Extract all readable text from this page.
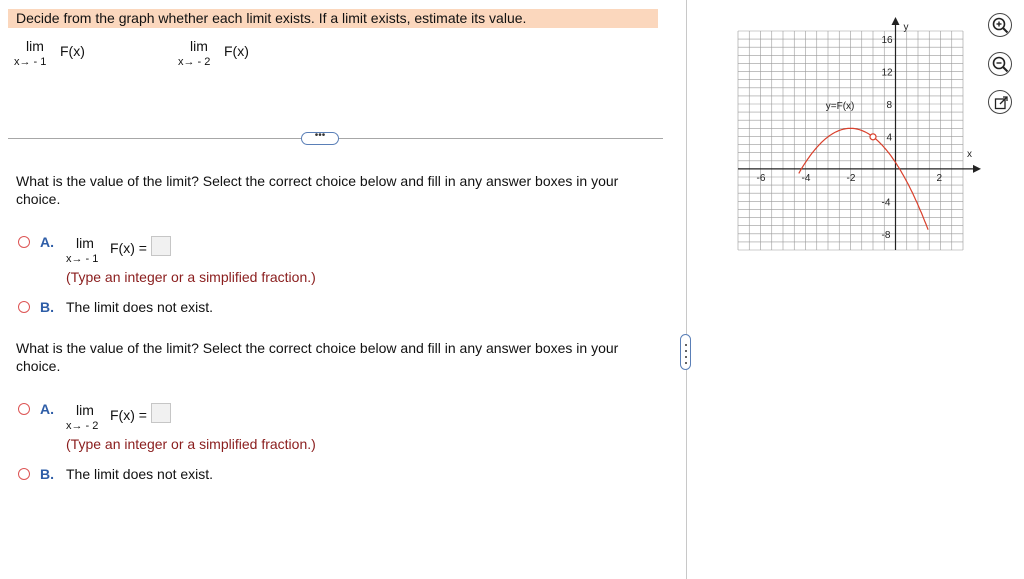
Decide from the graph whether each limit exists. If a limit exists, estimate its value.
lim
x→ - 1
F(x)	lim
x→ - 2
F(x)
•••
What is the value of the limit? Select the correct choice below and fill in any answer boxes in your choice.
A. lim
x→ - 1
F(x) =
(Type an integer or a simplified fraction.)
B. The limit does not exist.
What is the value of the limit? Select the correct choice below and fill in any answer boxes in your choice.
A. lim
x→ - 2
F(x) =
(Type an integer or a simplified fraction.)
B. The limit does not exist.
-6	-4	-2	2
16
12
8
4
-4
-8
y=F(x)
x
y
